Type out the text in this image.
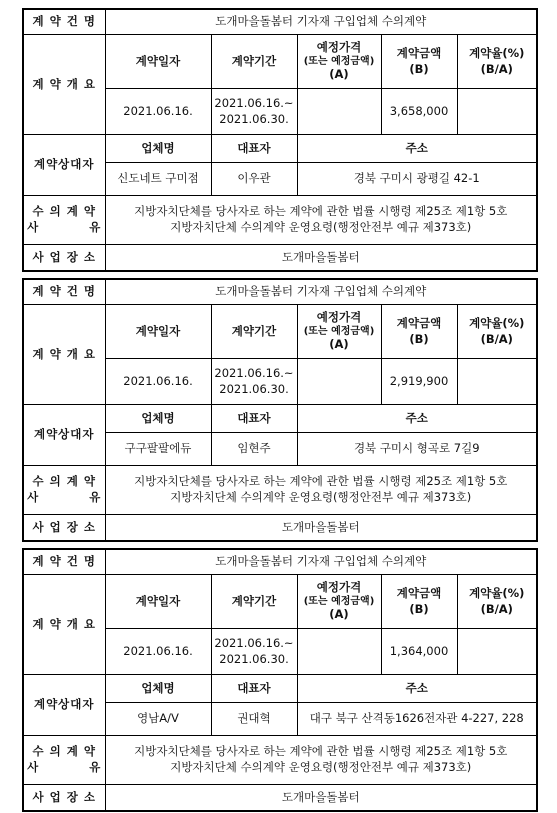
계 약 건 명	도개마을돌봄터 기자재 구입업체 수의계약				
계 약 개 요	계약일자	계약기간	예정가격
(또는 예정금액)
(A)	계약금액
(B)	계약율(%)
(B/A)

	2021.06.16.	2021.06.16.~
2021.06.30.		3,658,000	
계약상대자	업체명	대표자	주소		
	신도네트 구미점	이우관	경북 구미시 광평길 42-1		

수 의 계 약
사          유	지방자치단체를 당사자로 하는 계약에 관한 법률 시행령 제25조 제1항 5호
지방자치단체 수의계약 운영요령(행정안전부 예규 제373호)				

사 업 장 소	도개마을돌봄터				
계 약 건 명	도개마을돌봄터 기자재 구입업체 수의계약				
계 약 개 요	계약일자	계약기간	예정가격
(또는 예정금액)
(A)	계약금액
(B)	계약율(%)
(B/A)

	2021.06.16.	2021.06.16.~
2021.06.30.		2,919,900	
계약상대자	업체명	대표자	주소		
	구구팔팔에듀	임현주	경북 구미시 형곡로 7길9		

수 의 계 약
사          유	지방자치단체를 당사자로 하는 계약에 관한 법률 시행령 제25조 제1항 5호
지방자치단체 수의계약 운영요령(행정안전부 예규 제373호)				

사 업 장 소	도개마을돌봄터				
계 약 건 명	도개마을돌봄터 기자재 구입업체 수의계약				
계 약 개 요	계약일자	계약기간	예정가격
(또는 예정금액)
(A)	계약금액
(B)	계약율(%)
(B/A)

	2021.06.16.	2021.06.16.~
2021.06.30.		1,364,000	
계약상대자	업체명	대표자	주소		
	영남A/V	권대혁	대구 북구 산격동1626전자관 4-227, 228		

수 의 계 약
사          유	지방자치단체를 당사자로 하는 계약에 관한 법률 시행령 제25조 제1항 5호
지방자치단체 수의계약 운영요령(행정안전부 예규 제373호)				

사 업 장 소	도개마을돌봄터				
